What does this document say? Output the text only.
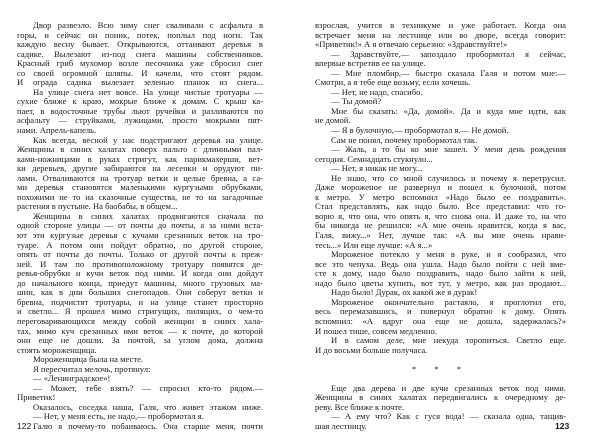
Двор развезло. Всю зиму снег сваливали с асфальта в
горы, и сейчас он поник, потек, поплыл под ноги. Так
каждую весну бывает. Открываются, оттаивают деревья в
садике. Вылезают из-под снега машины собственников.
Красный гриб мухомор возле песочника уже сбросил снег
со своей огромной шляпы. И качели, что стоят рядом.
И ограда садика вылезает зеленью планок из снега...
На улице снега нет вовсе. На улице чистые тротуары —
сухие ближе к краю, мокрые ближе к домам. С крыш ка-
пает, в водосточные трубы льют ручейки и разливаются по
асфальту — струйками, лужицами, просто мокрыми пят-
нами. Апрель-капель.
Как всегда, весной у нас подстригают деревья на улице.
Женщины в синих халатах поверх пальто с длинными пал-
ками-ножницами в руках стригут, как парикмахерши, вет-
ки деревьев, другие забираются на лесенки и орудуют пи-
лами. Отваливаются на тротуар ветки и целые бревна, а са-
ми деревья становятся маленькими кургузыми обрубками,
похожими не то на сказочные существа, не то на загадочные
растения в пустыне. На баобабы, в общем...
Женщины в синих халатах продвигаются сначала по
одной стороне улицы — от почты до почты, а за ними вста-
ют эти кургузые деревья с кучами срезанных веток на тро-
туаре. А потом они пойдут обратно, по другой стороне,
опять от почты до почты. Только от другой почты к преж-
ней. И там по противоположному тротуару появятся де-
ревья-обрубки и кучи веток под ними. И когда они дойдут
до начального конца, приедут машины, много грузовых ма-
шин, как в дни больших снегопадов. Они соберут ветки и
бревна, подчистят тротуары, и на улице станет просторно
и светло... Я прошел мимо стригущих, пилящих, о чем-то
переговаривающихся между собой женщин в синих хала-
тах, мимо куч срезанных ими веток — к почте, до которой
они еще не дошли. За почтой, за углом дома, должна
стоять мороженщица.
Мороженщица была на месте.
Я пересчитал мелочь, протянул:
— «Ленинградское»!
— Может, тебе взять? — спросил кто-то рядом.—
Приветик!
Оказалось, соседка наша, Галя, что живет этажом ниже.
— Нет, у меня есть, не надо,— пробормотал я.
Галю я почему-то побаиваюсь. Она старше меня, почти
взрослая, учится в техникуме и уже работает. Когда она
встречает меня на лестнице или во дворе, всегда говорит:
«Приветик!» А я отвечаю серьезно: «Здравствуйте!»
— Здравствуйте,— запоздало пробормотал я сейчас,
впервые встретив ее на улице.
— Мне пломбир,— быстро сказала Галя и потом мне:—
Смотри, а я тебе еще возьму, если хочешь.
— Нет, не надо, спасибо.
— Ты домой?
Мне бы сказать: «Да, домой». Да и куда мне идти, как
не домой.
— Я в булочную,— пробормотал я.— Не домой.
Сам не понял, почему пробормотал так.
— Жаль, а то бы ко мне зашел. У меня день рождения
сегодня. Семнадцать стукнуло...
— Нет, я никак не могу...
Не знаю, что со мной случилось и почему я перетрусил.
Даже мороженое не развернул и пошел к булочной, потом
к метро. У метро вспомнил «Надо было ее поздравить».
Стал представлять, как надо было. Все представил: что го-
ворю я, что она, что опять я, что снова она. И даже то, на что
бы никогда не решился: «А мне очень нравится, когда я вас,
Галя, вижу...» Нет, лучше так: «А вы мне очень нрави-
тесь...» Или еще лучше: «А я...»
Мороженое потекло у меня в руке, и я сообразил, что
все это чепуха. Ведь она ушла. Надо было пойти с ней вме-
сте к дому, надо было поздравить, надо было зайти к ней,
надо было цветы купить, вот тут, у метро, как раз продают...
Надо было! Дурак, ох какой же я дурак!
Мороженое окончательно растаяло, я проглотил его,
весь перемазавшись, и повернул обратно к дому. Опять
вспомнил: «А вдруг она еще не дошла, задержалась?»
И пошел тише, совсем медленно.
И в самом деле, мне некуда торопиться. Светло еще.
И до восьми больше получаса.
* * *
Еще два дерева и две кучи срезанных веток под ними.
Женщины в синих халатах передвигались к очередному де-
реву. Все ближе к почте.
— А ему что? Как с гуся вода! — сказала одна, тащив-
шая лестницу.
122	123
